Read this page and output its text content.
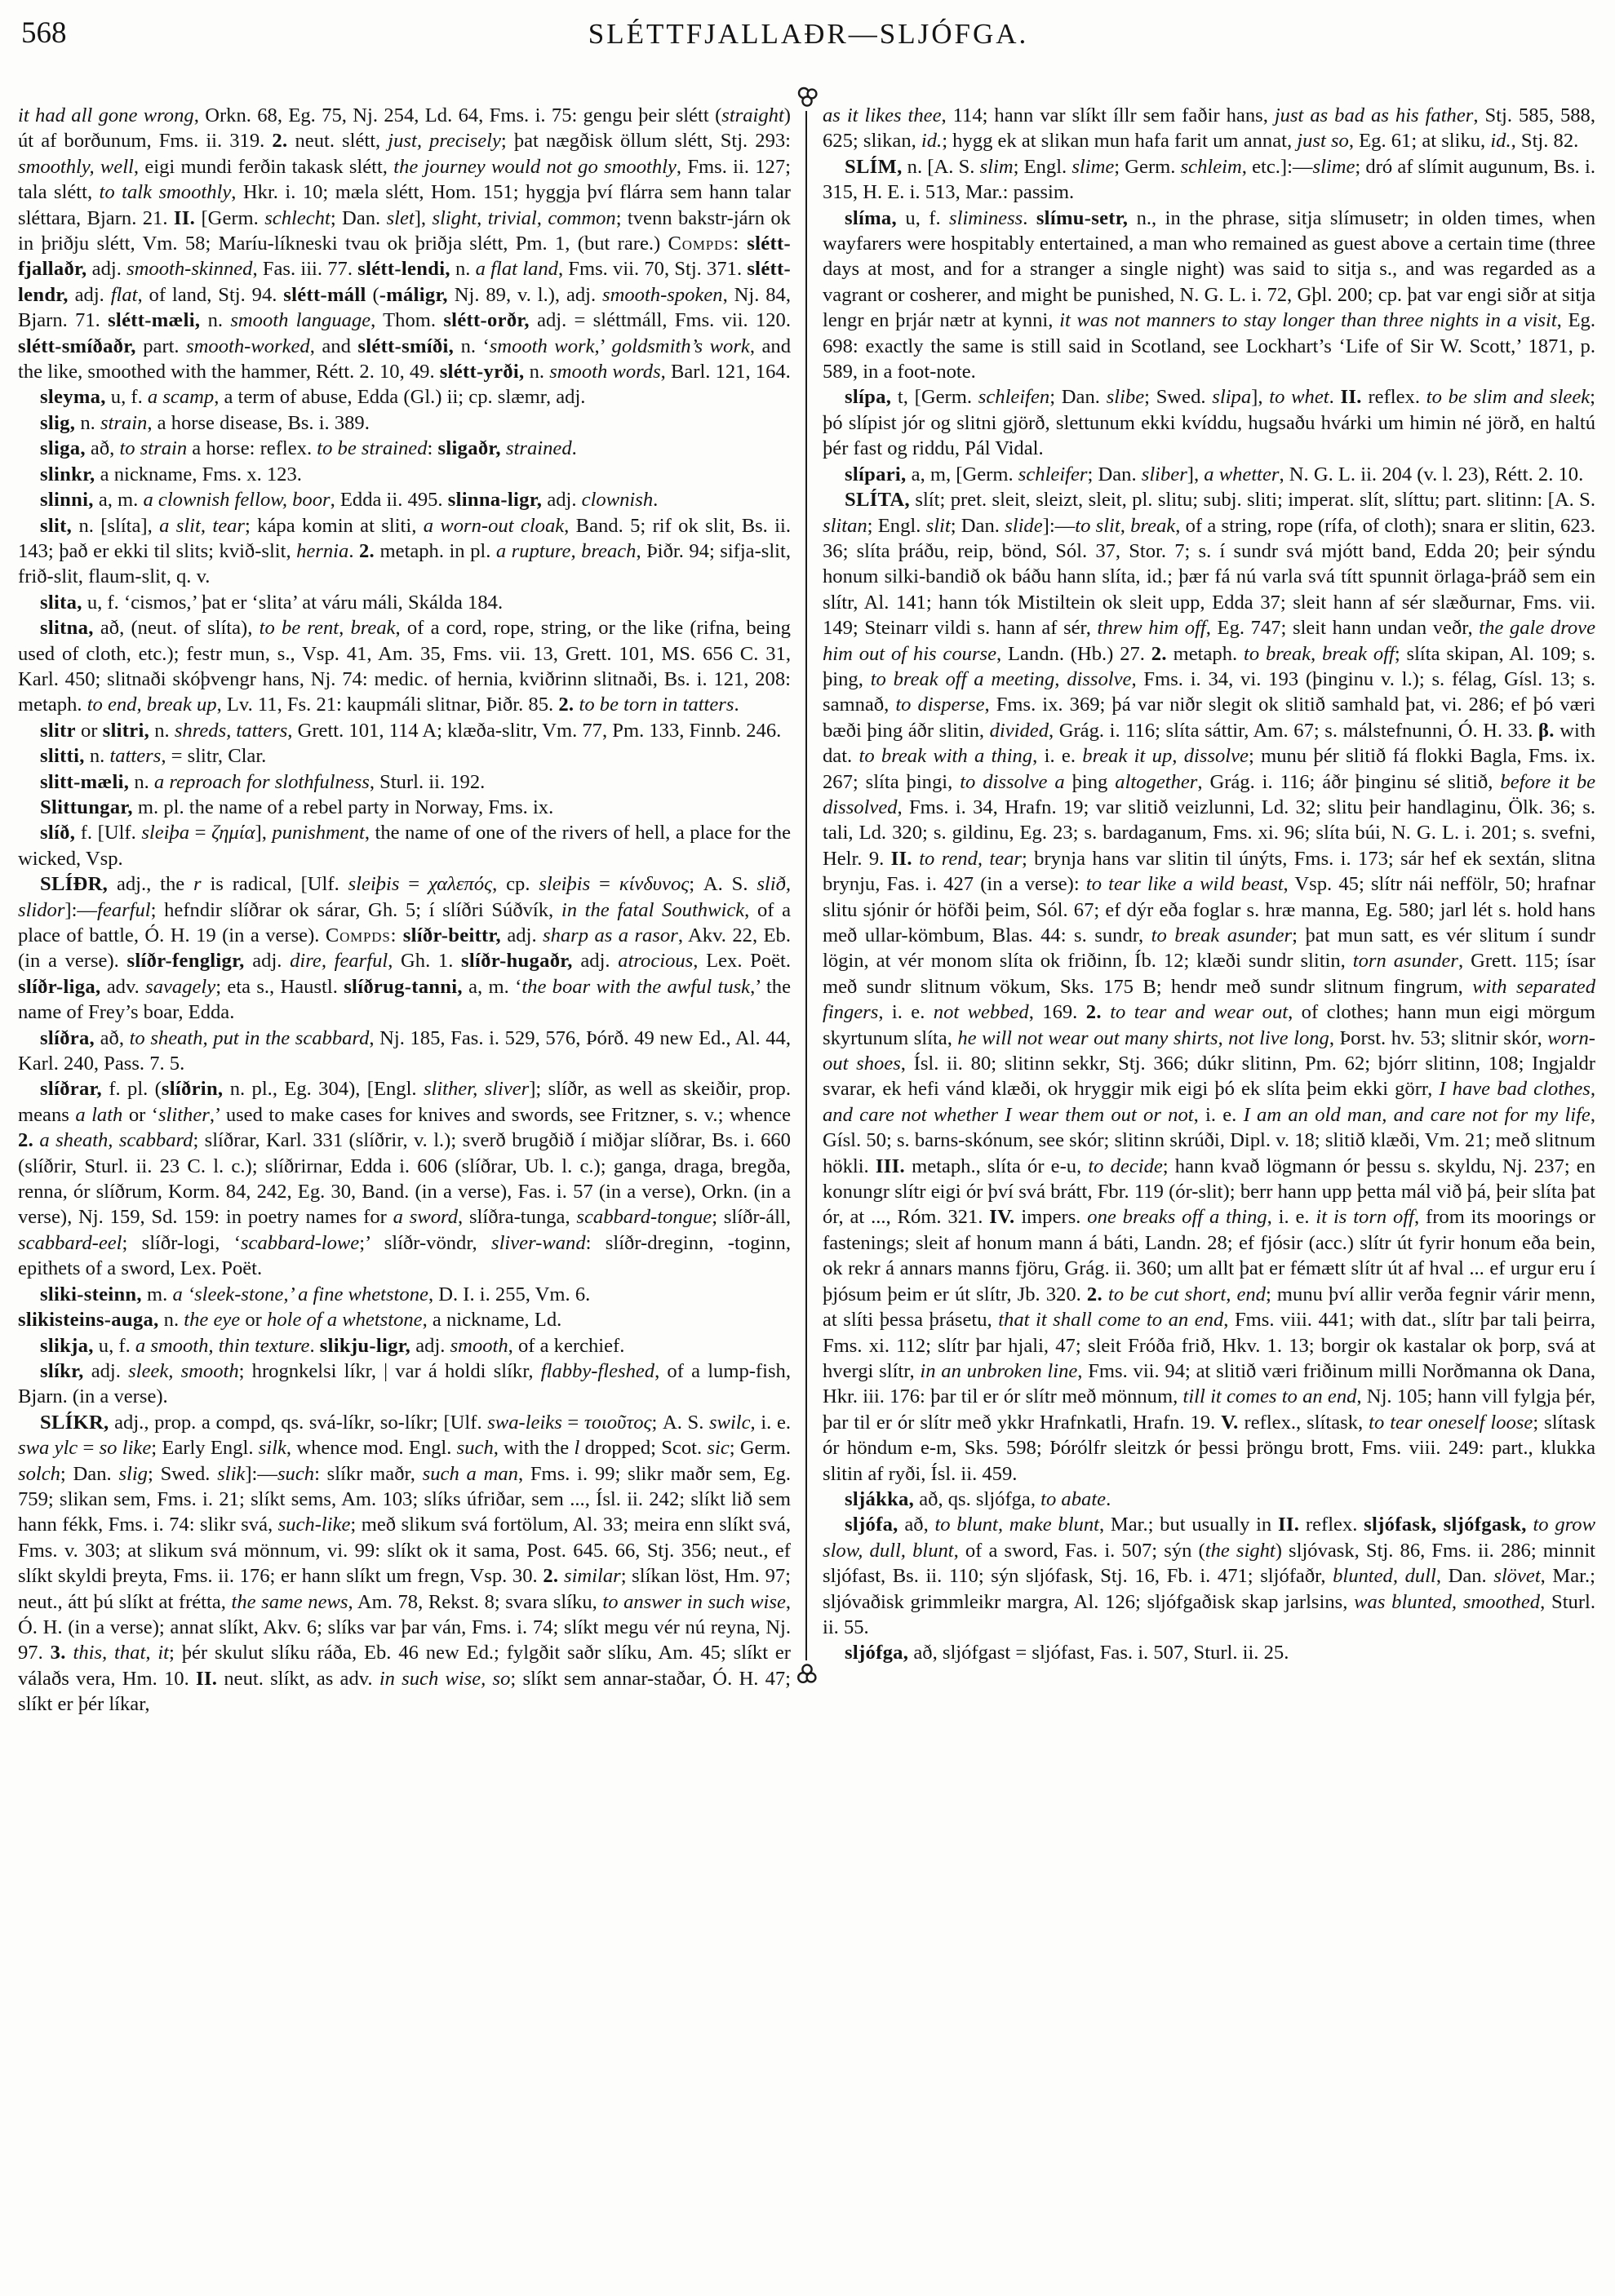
568	SLÉTTFJALLAÐR—SLJÓFGA.

it had all gone wrong, Orkn. 68, Eg. 75, Nj. 254, Ld. 64, Fms. i. 75: gengu þeir slétt (straight) út af borðunum, Fms. ii. 319. 2. neut. slétt, just, precisely; þat nægðisk öllum slétt, Stj. 293: smoothly, well, eigi mundi ferðin takask slétt, the journey would not go smoothly, Fms. ii. 127; tala slétt, to talk smoothly, Hkr. i. 10; mæla slétt, Hom. 151; hyggja því flárra sem hann talar sléttara, Bjarn. 21. II. [Germ. schlecht; Dan. slet], slight, trivial, common; tvenn bakstr-járn ok in þriðju slétt, Vm. 58; Maríu-líkneski tvau ok þriðja slétt, Pm. 1, (but rare.) Compds: slétt-fjallaðr, adj. smooth-skinned, Fas. iii. 77. slétt-lendi, n. a flat land, Fms. vii. 70, Stj. 371. slétt-lendr, adj. flat, of land, Stj. 94. slétt-máll (-máligr, Nj. 89, v. l.), adj. smooth-spoken, Nj. 84, Bjarn. 71. slétt-mæli, n. smooth language, Thom. slétt-orðr, adj. = sléttmáll, Fms. vii. 120. slétt-smíðaðr, part. smooth-worked, and slétt-smíði, n. ‘smooth work,’ goldsmith’s work, and the like, smoothed with the hammer, Rétt. 2. 10, 49. slétt-yrði, n. smooth words, Barl. 121, 164.

sleyma, u, f. a scamp, a term of abuse, Edda (Gl.) ii; cp. slæmr, adj.

slig, n. strain, a horse disease, Bs. i. 389.

sliga, að, to strain a horse: reflex. to be strained: sligaðr, strained.

slinkr, a nickname, Fms. x. 123.

slinni, a, m. a clownish fellow, boor, Edda ii. 495. slinna-ligr, adj. clownish.

slit, n. [slíta], a slit, tear; kápa komin at sliti, a worn-out cloak, Band. 5; rif ok slit, Bs. ii. 143; það er ekki til slits; kvið-slit, hernia. 2. metaph. in pl. a rupture, breach, Þiðr. 94; sifja-slit, frið-slit, flaum-slit, q. v.

slita, u, f. ‘cismos,’ þat er ‘slita’ at váru máli, Skálda 184.

slitna, að, (neut. of slíta), to be rent, break, of a cord, rope, string, or the like (rifna, being used of cloth, etc.); festr mun, s., Vsp. 41, Am. 35, Fms. vii. 13, Grett. 101, MS. 656 C. 31, Karl. 450; slitnaði skóþvengr hans, Nj. 74: medic. of hernia, kviðrinn slitnaði, Bs. i. 121, 208: metaph. to end, break up, Lv. 11, Fs. 21: kaupmáli slitnar, Þiðr. 85. 2. to be torn in tatters.

slitr or slitri, n. shreds, tatters, Grett. 101, 114 A; klæða-slitr, Vm. 77, Pm. 133, Finnb. 246.

slitti, n. tatters, = slitr, Clar.

slitt-mæli, n. a reproach for slothfulness, Sturl. ii. 192.

Slittungar, m. pl. the name of a rebel party in Norway, Fms. ix.

slíð, f. [Ulf. sleiþa = ζημία], punishment, the name of one of the rivers of hell, a place for the wicked, Vsp.

SLÍÐR, adj., the r is radical, [Ulf. sleiþis = χαλεπός, cp. sleiþis = κίνδυνος; A. S. slið, slidor]:—fearful; hefndir slíðrar ok sárar, Gh. 5; í slíðri Súðvík, in the fatal Southwick, of a place of battle, Ó. H. 19 (in a verse). Compds: slíðr-beittr, adj. sharp as a rasor, Akv. 22, Eb. (in a verse). slíðr-fengligr, adj. dire, fearful, Gh. 1. slíðr-hugaðr, adj. atrocious, Lex. Poët. slíðr-liga, adv. savagely; eta s., Haustl. slíðrug-tanni, a, m. ‘the boar with the awful tusk,’ the name of Frey’s boar, Edda.

slíðra, að, to sheath, put in the scabbard, Nj. 185, Fas. i. 529, 576, Þórð. 49 new Ed., Al. 44, Karl. 240, Pass. 7. 5.

slíðrar, f. pl. (slíðrin, n. pl., Eg. 304), [Engl. slither, sliver]; slíðr, as well as skeiðir, prop. means a lath or ‘slither,’ used to make cases for knives and swords, see Fritzner, s. v.; whence 2. a sheath, scabbard; slíðrar, Karl. 331 (slíðrir, v. l.); sverð brugðið í miðjar slíðrar, Bs. i. 660 (slíðrir, Sturl. ii. 23 C. l. c.); slíðrirnar, Edda i. 606 (slíðrar, Ub. l. c.); ganga, draga, bregða, renna, ór slíðrum, Korm. 84, 242, Eg. 30, Band. (in a verse), Fas. i. 57 (in a verse), Orkn. (in a verse), Nj. 159, Sd. 159: in poetry names for a sword, slíðra-tunga, scabbard-tongue; slíðr-áll, scabbard-eel; slíðr-logi, ‘scabbard-lowe;’ slíðr-vöndr, sliver-wand: slíðr-dreginn, -toginn, epithets of a sword, Lex. Poët.

sliki-steinn, m. a ‘sleek-stone,’ a fine whetstone, D. I. i. 255, Vm. 6.

slikisteins-auga, n. the eye or hole of a whetstone, a nickname, Ld.

slikja, u, f. a smooth, thin texture. slikju-ligr, adj. smooth, of a kerchief.

slíkr, adj. sleek, smooth; hrognkelsi líkr, | var á holdi slíkr, flabby-fleshed, of a lump-fish, Bjarn. (in a verse).

SLÍKR, adj., prop. a compd, qs. svá-líkr, so-líkr; [Ulf. swa-leiks = τοιοῦτος; A. S. swilc, i. e. swa ylc = so like; Early Engl. silk, whence mod. Engl. such, with the l dropped; Scot. sic; Germ. solch; Dan. slig; Swed. slik]:—such: slíkr maðr, such a man, Fms. i. 99; slikr maðr sem, Eg. 759; slikan sem, Fms. i. 21; slíkt sems, Am. 103; slíks úfriðar, sem ..., Ísl. ii. 242; slíkt lið sem hann fékk, Fms. i. 74: slikr svá, such-like; með slikum svá fortölum, Al. 33; meira enn slíkt svá, Fms. v. 303; at slikum svá mönnum, vi. 99: slíkt ok it sama, Post. 645. 66, Stj. 356; neut., ef slíkt skyldi þreyta, Fms. ii. 176; er hann slíkt um fregn, Vsp. 30. 2. similar; slíkan löst, Hm. 97; neut., átt þú slíkt at frétta, the same news, Am. 78, Rekst. 8; svara slíku, to answer in such wise, Ó. H. (in a verse); annat slíkt, Akv. 6; slíks var þar ván, Fms. i. 74; slíkt megu vér nú reyna, Nj. 97. 3. this, that, it; þér skulut slíku ráða, Eb. 46 new Ed.; fylgðit saðr slíku, Am. 45; slíkt er válaðs vera, Hm. 10. II. neut. slíkt, as adv. in such wise, so; slíkt sem annar-staðar, Ó. H. 47; slíkt er þér líkar,

as it likes thee, 114; hann var slíkt íllr sem faðir hans, just as bad as his father, Stj. 585, 588, 625; slikan, id.; hygg ek at slikan mun hafa farit um annat, just so, Eg. 61; at sliku, id., Stj. 82.

SLÍM, n. [A. S. slim; Engl. slime; Germ. schleim, etc.]:—slime; dró af slímit augunum, Bs. i. 315, H. E. i. 513, Mar.: passim.

slíma, u, f. sliminess. slímu-setr, n., in the phrase, sitja slímusetr; in olden times, when wayfarers were hospitably entertained, a man who remained as guest above a certain time (three days at most, and for a stranger a single night) was said to sitja s., and was regarded as a vagrant or cosherer, and might be punished, N. G. L. i. 72, Gþl. 200; cp. þat var engi siðr at sitja lengr en þrjár nætr at kynni, it was not manners to stay longer than three nights in a visit, Eg. 698: exactly the same is still said in Scotland, see Lockhart’s ‘Life of Sir W. Scott,’ 1871, p. 589, in a foot-note.

slípa, t, [Germ. schleifen; Dan. slibe; Swed. slipa], to whet. II. reflex. to be slim and sleek; þó slípist jór og slitni gjörð, slettunum ekki kvíddu, hugsaðu hvárki um himin né jörð, en haltú þér fast og riddu, Pál Vidal.

slípari, a, m, [Germ. schleifer; Dan. sliber], a whetter, N. G. L. ii. 204 (v. l. 23), Rétt. 2. 10.

SLÍTA, slít; pret. sleit, sleizt, sleit, pl. slitu; subj. sliti; imperat. slít, slíttu; part. slitinn: [A. S. slitan; Engl. slit; Dan. slide]:—to slit, break, of a string, rope (rífa, of cloth); snara er slitin, 623. 36; slíta þráðu, reip, bönd, Sól. 37, Stor. 7; s. í sundr svá mjótt band, Edda 20; þeir sýndu honum silki-bandið ok báðu hann slíta, id.; þær fá nú varla svá títt spunnit örlaga-þráð sem ein slítr, Al. 141; hann tók Mistiltein ok sleit upp, Edda 37; sleit hann af sér slæðurnar, Fms. vii. 149; Steinarr vildi s. hann af sér, threw him off, Eg. 747; sleit hann undan veðr, the gale drove him out of his course, Landn. (Hb.) 27. 2. metaph. to break, break off; slíta skipan, Al. 109; s. þing, to break off a meeting, dissolve, Fms. i. 34, vi. 193 (þinginu v. l.); s. félag, Gísl. 13; s. samnað, to disperse, Fms. ix. 369; þá var niðr slegit ok slitið samhald þat, vi. 286; ef þó væri bæði þing áðr slitin, divided, Grág. i. 116; slíta sáttir, Am. 67; s. málstefnunni, Ó. H. 33. β. with dat. to break with a thing, i. e. break it up, dissolve; munu þér slitið fá flokki Bagla, Fms. ix. 267; slíta þingi, to dissolve a þing altogether, Grág. i. 116; áðr þinginu sé slitið, before it be dissolved, Fms. i. 34, Hrafn. 19; var slitið veizlunni, Ld. 32; slitu þeir handlaginu, Ölk. 36; s. tali, Ld. 320; s. gildinu, Eg. 23; s. bardaganum, Fms. xi. 96; slíta búi, N. G. L. i. 201; s. svefni, Helr. 9. II. to rend, tear; brynja hans var slitin til únýts, Fms. i. 173; sár hef ek sextán, slitna brynju, Fas. i. 427 (in a verse): to tear like a wild beast, Vsp. 45; slítr nái neffölr, 50; hrafnar slitu sjónir ór höfði þeim, Sól. 67; ef dýr eða foglar s. hræ manna, Eg. 580; jarl lét s. hold hans með ullar-kömbum, Blas. 44: s. sundr, to break asunder; þat mun satt, es vér slitum í sundr lögin, at vér monom slíta ok friðinn, Íb. 12; klæði sundr slitin, torn asunder, Grett. 115; ísar með sundr slitnum vökum, Sks. 175 B; hendr með sundr slitnum fingrum, with separated fingers, i. e. not webbed, 169. 2. to tear and wear out, of clothes; hann mun eigi mörgum skyrtunum slíta, he will not wear out many shirts, not live long, Þorst. hv. 53; slitnir skór, worn-out shoes, Ísl. ii. 80; slitinn sekkr, Stj. 366; dúkr slitinn, Pm. 62; bjórr slitinn, 108; Ingjaldr svarar, ek hefi vánd klæði, ok hryggir mik eigi þó ek slíta þeim ekki görr, I have bad clothes, and care not whether I wear them out or not, i. e. I am an old man, and care not for my life, Gísl. 50; s. barns-skónum, see skór; slitinn skrúði, Dipl. v. 18; slitið klæði, Vm. 21; með slitnum hökli. III. metaph., slíta ór e-u, to decide; hann kvað lögmann ór þessu s. skyldu, Nj. 237; en konungr slítr eigi ór því svá brátt, Fbr. 119 (ór-slit); berr hann upp þetta mál við þá, þeir slíta þat ór, at ..., Róm. 321. IV. impers. one breaks off a thing, i. e. it is torn off, from its moorings or fastenings; sleit af honum mann á báti, Landn. 28; ef fjósir (acc.) slítr út fyrir honum eða bein, ok rekr á annars manns fjöru, Grág. ii. 360; um allt þat er fémætt slítr út af hval ... ef urgur eru í þjósum þeim er út slítr, Jb. 320. 2. to be cut short, end; munu því allir verða fegnir várir menn, at slíti þessa þrásetu, that it shall come to an end, Fms. viii. 441; with dat., slítr þar tali þeirra, Fms. xi. 112; slítr þar hjali, 47; sleit Fróða frið, Hkv. 1. 13; borgir ok kastalar ok þorp, svá at hvergi slítr, in an unbroken line, Fms. vii. 94; at slitið væri friðinum milli Norðmanna ok Dana, Hkr. iii. 176: þar til er ór slítr með mönnum, till it comes to an end, Nj. 105; hann vill fylgja þér, þar til er ór slítr með ykkr Hrafnkatli, Hrafn. 19. V. reflex., slítask, to tear oneself loose; slítask ór höndum e-m, Sks. 598; Þórólfr sleitzk ór þessi þröngu brott, Fms. viii. 249: part., klukka slitin af ryði, Ísl. ii. 459.

sljákka, að, qs. sljófga, to abate.

sljófa, að, to blunt, make blunt, Mar.; but usually in II. reflex. sljófask, sljófgask, to grow slow, dull, blunt, of a sword, Fas. i. 507; sýn (the sight) sljóvask, Stj. 86, Fms. ii. 286; minnit sljófast, Bs. ii. 110; sýn sljófask, Stj. 16, Fb. i. 471; sljófaðr, blunted, dull, Dan. slövet, Mar.; sljóvaðisk grimmleikr margra, Al. 126; sljófgaðisk skap jarlsins, was blunted, smoothed, Sturl. ii. 55.

sljófga, að, sljófgast = sljófast, Fas. i. 507, Sturl. ii. 25.
